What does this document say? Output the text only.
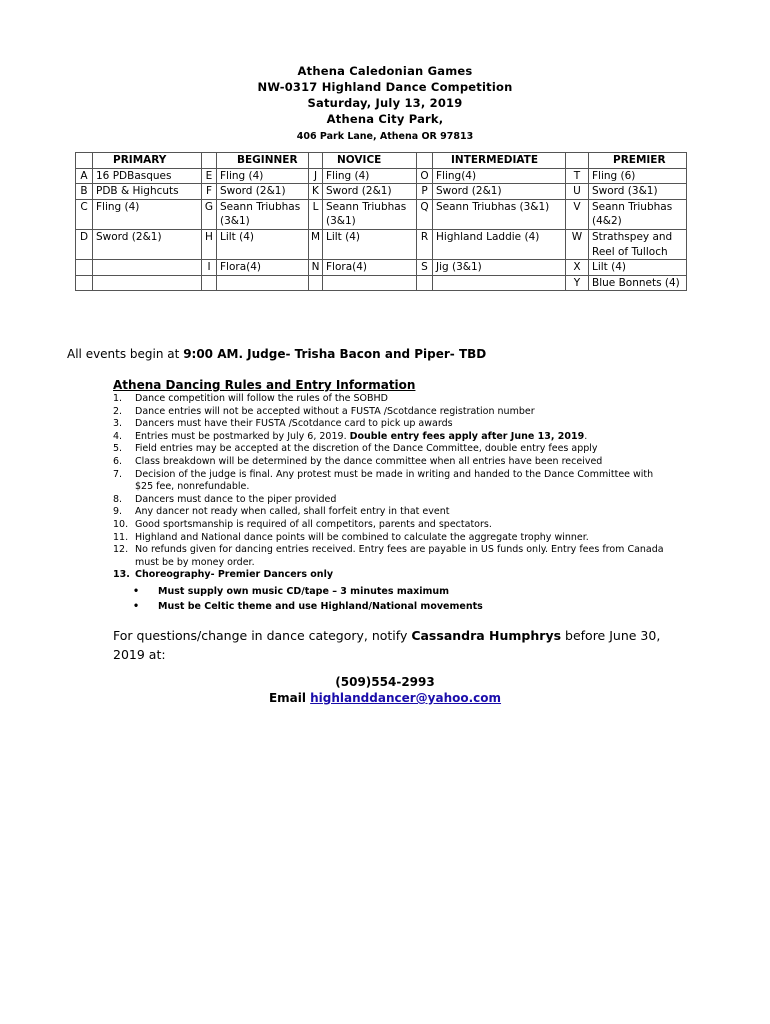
Athena Caledonian Games
NW-0317 Highland Dance Competition
Saturday, July 13, 2019
Athena City Park,
406 Park Lane, Athena OR 97813
	PRIMARY		BEGINNER		NOVICE		INTERMEDIATE		PREMIER
A	16 PDBasques	E	Fling (4)	J	Fling (4)	O	Fling(4)	T	Fling (6)
B	PDB & Highcuts	F	Sword (2&1)	K	Sword (2&1)	P	Sword (2&1)	U	Sword (3&1)
C	Fling (4)	G	Seann Triubhas (3&1)	L	Seann Triubhas (3&1)	Q	Seann Triubhas (3&1)	V	Seann Triubhas (4&2)
D	Sword (2&1)	H	Lilt (4)	M	Lilt (4)	R	Highland Laddie (4)	W	Strathspey and Reel of Tulloch
		I	Flora(4)	N	Flora(4)	S	Jig (3&1)	X	Lilt (4)
								Y	Blue Bonnets (4)
All events begin at 9:00 AM. Judge- Trisha Bacon and Piper- TBD
Athena Dancing Rules and Entry Information
1.	Dance competition will follow the rules of the SOBHD
2.	Dance entries will not be accepted without a FUSTA /Scotdance registration number
3.	Dancers must have their FUSTA /Scotdance card to pick up awards
4.	Entries must be postmarked by July 6, 2019. Double entry fees apply after June 13, 2019.
5.	Field entries may be accepted at the discretion of the Dance Committee, double entry fees apply
6.	Class breakdown will be determined by the dance committee when all entries have been received
7.	Decision of the judge is final. Any protest must be made in writing and handed to the Dance Committee with $25 fee, nonrefundable.
8.	Dancers must dance to the piper provided
9.	Any dancer not ready when called, shall forfeit entry in that event
10. Good sportsmanship is required of all competitors, parents and spectators.
11. Highland and National dance points will be combined to calculate the aggregate trophy winner.
12. No refunds given for dancing entries received. Entry fees are payable in US funds only. Entry fees from Canada must be by money order.
13. Choreography- Premier Dancers only
• Must supply own music CD/tape – 3 minutes maximum
• Must be Celtic theme and use Highland/National movements
For questions/change in dance category, notify Cassandra Humphrys before June 30, 2019 at:
(509)554-2993
Email highlanddancer@yahoo.com
